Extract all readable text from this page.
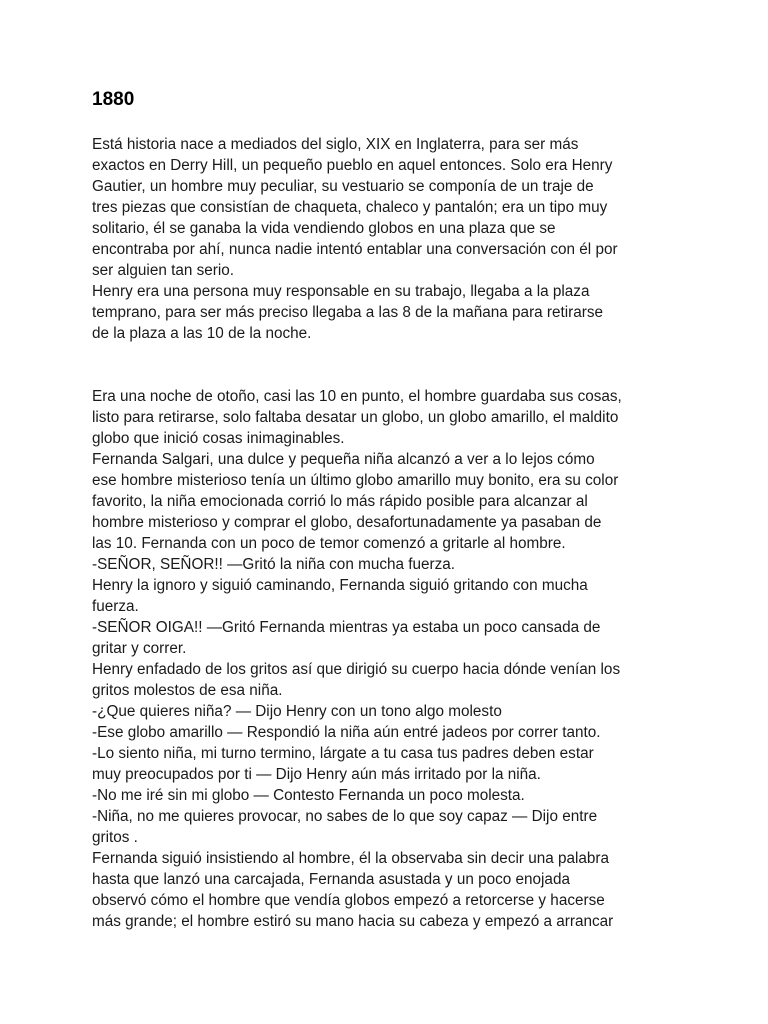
1880

Está historia nace a mediados del siglo, XIX en Inglaterra, para ser más
exactos en Derry Hill, un pequeño pueblo en aquel entonces. Solo era Henry
Gautier, un hombre muy peculiar, su vestuario se componía de un traje de
tres piezas que consistían de chaqueta, chaleco y pantalón; era un tipo muy
solitario, él se ganaba la vida vendiendo globos en una plaza que se
encontraba por ahí, nunca nadie intentó entablar una conversación con él por
ser alguien tan serio.

Henry era una persona muy responsable en su trabajo, llegaba a la plaza
temprano, para ser más preciso llegaba a las 8 de la mañana para retirarse
de la plaza a las 10 de la noche.

Era una noche de otoño, casi las 10 en punto, el hombre guardaba sus cosas,
listo para retirarse, solo faltaba desatar un globo, un globo amarillo, el maldito
globo que inició cosas inimaginables.

Fernanda Salgari, una dulce y pequeña niña alcanzó a ver a lo lejos cómo
ese hombre misterioso tenía un último globo amarillo muy bonito, era su color
favorito, la niña emocionada corrió lo más rápido posible para alcanzar al
hombre misterioso y comprar el globo, desafortunadamente ya pasaban de
las 10. Fernanda con un poco de temor comenzó a gritarle al hombre.

-SEÑOR, SEÑOR!! —Gritó la niña con mucha fuerza.

Henry la ignoro y siguió caminando, Fernanda siguió gritando con mucha
fuerza.

-SEÑOR OIGA!! —Gritó Fernanda mientras ya estaba un poco cansada de
gritar y correr.

Henry enfadado de los gritos así que dirigió su cuerpo hacia dónde venían los
gritos molestos de esa niña.

-¿Que quieres niña? — Dijo Henry con un tono algo molesto

-Ese globo amarillo — Respondió la niña aún entré jadeos por correr tanto.

-Lo siento niña, mi turno termino, lárgate a tu casa tus padres deben estar
muy preocupados por ti — Dijo Henry aún más irritado por la niña.

-No me iré sin mi globo — Contesto Fernanda un poco molesta.

-Niña, no me quieres provocar, no sabes de lo que soy capaz — Dijo entre
gritos .

Fernanda siguió insistiendo al hombre, él la observaba sin decir una palabra
hasta que lanzó una carcajada, Fernanda asustada y un poco enojada
observó cómo el hombre que vendía globos empezó a retorcerse y hacerse
más grande; el hombre estiró su mano hacia su cabeza y empezó a arrancar
